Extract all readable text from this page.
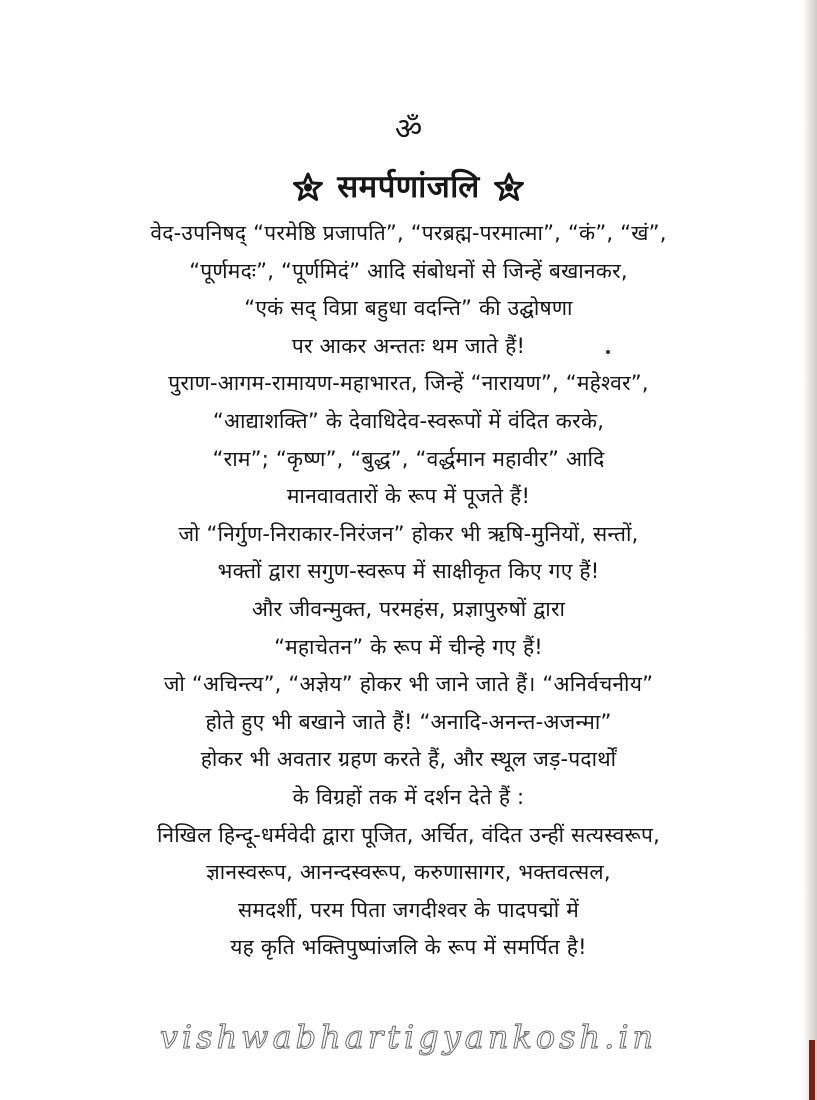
ॐ
समर्पणांजलि
वेद-उपनिषद् “परमेष्ठि प्रजापति”, “परब्रह्म-परमात्मा”, “कं”, “खं”,
“पूर्णमदः”, “पूर्णमिदं” आदि संबोधनों से जिन्हें बखानकर,
“एकं सद् विप्रा बहुधा वदन्ति” की उद्घोषणा
पर आकर अन्ततः थम जाते हैं!
पुराण-आगम-रामायण-महाभारत, जिन्हें “नारायण”, “महेश्वर”,
“आद्याशक्ति” के देवाधिदेव-स्वरूपों में वंदित करके,
“राम”; “कृष्ण”, “बुद्ध”, “वर्द्धमान महावीर” आदि
मानवावतारों के रूप में पूजते हैं!
जो “निर्गुण-निराकार-निरंजन” होकर भी ऋषि-मुनियों, सन्तों,
भक्तों द्वारा सगुण-स्वरूप में साक्षीकृत किए गए हैं!
और जीवन्मुक्त, परमहंस, प्रज्ञापुरुषों द्वारा
“महाचेतन” के रूप में चीन्हे गए हैं!
जो “अचिन्त्य”, “अज्ञेय” होकर भी जाने जाते हैं। “अनिर्वचनीय”
होते हुए भी बखाने जाते हैं! “अनादि-अनन्त-अजन्मा”
होकर भी अवतार ग्रहण करते हैं, और स्थूल जड़-पदार्थों
के विग्रहों तक में दर्शन देते हैं :
निखिल हिन्दू-धर्मवेदी द्वारा पूजित, अर्चित, वंदित उन्हीं सत्यस्वरूप,
ज्ञानस्वरूप, आनन्दस्वरूप, करुणासागर, भक्तवत्सल,
समदर्शी, परम पिता जगदीश्वर के पादपद्मों में
यह कृति भक्तिपुष्पांजलि के रूप में समर्पित है!
vishwabhartigyankosh.in
